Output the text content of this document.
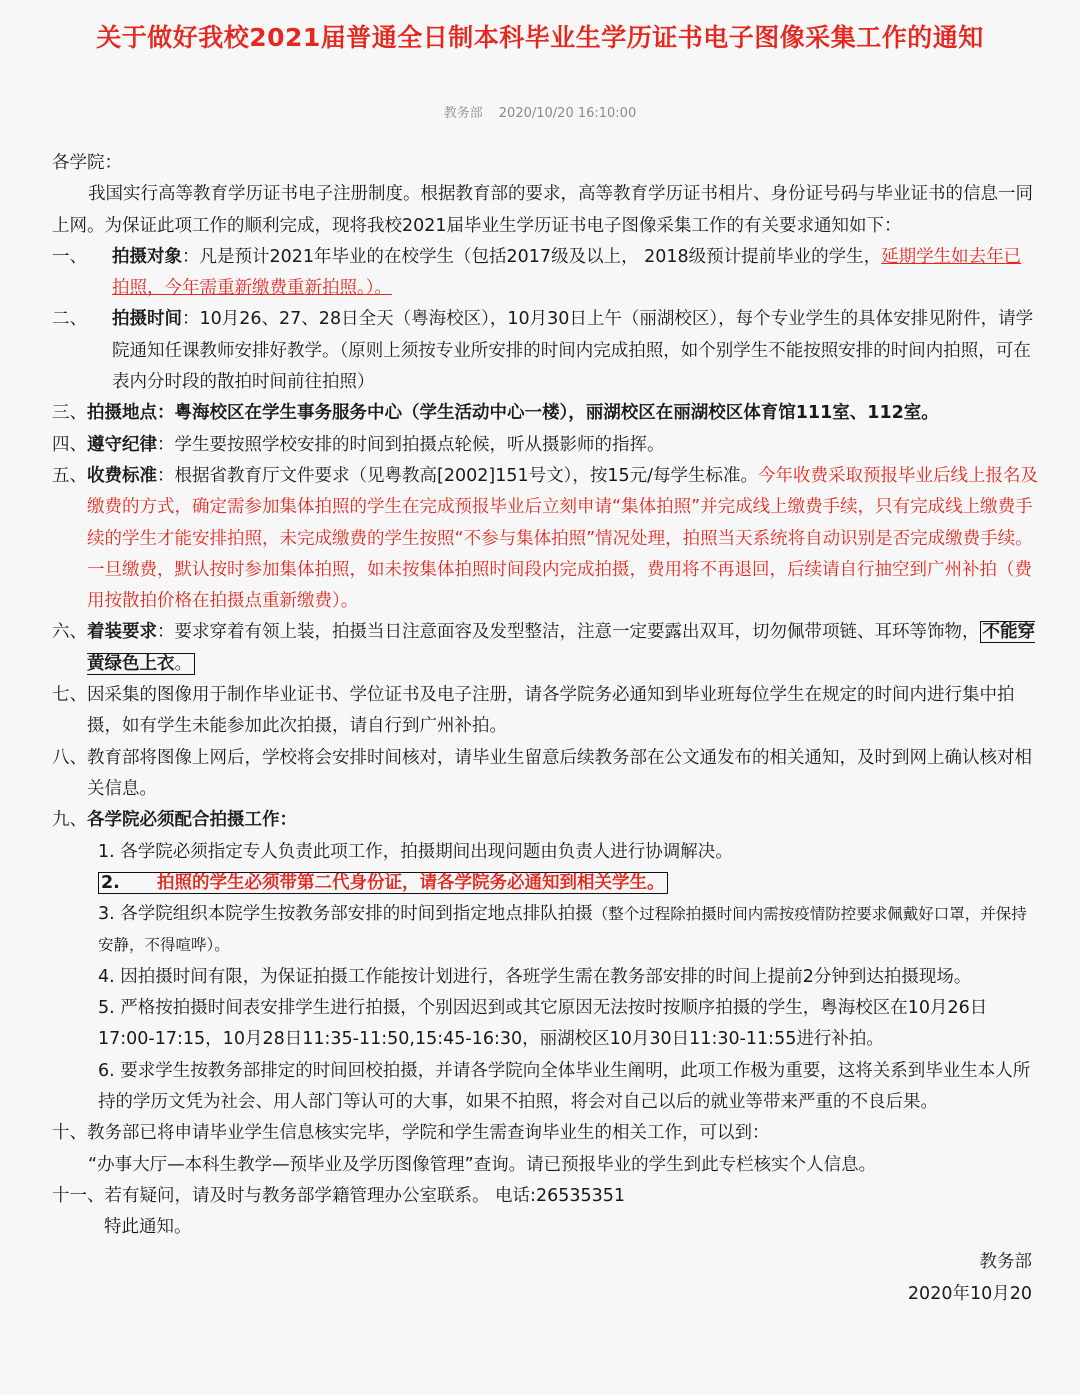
关于做好我校2021届普通全日制本科毕业生学历证书电子图像采集工作的通知
教务部 2020/10/20 16:10:00

各学院：

我国实行高等教育学历证书电子注册制度。根据教育部的要求，高等教育学历证书相片、身份证号码与毕业证书的信息一同上网。为保证此项工作的顺利完成，现将我校2021届毕业生学历证书电子图像采集工作的有关要求通知如下：

一、	拍摄对象：凡是预计2021年毕业的在校学生（包括2017级及以上， 2018级预计提前毕业的学生，延期学生如去年已拍照，今年需重新缴费重新拍照。）。
二、	拍摄时间：10月26、27、28日全天（粤海校区），10月30日上午（丽湖校区），每个专业学生的具体安排见附件，请学院通知任课教师安排好教学。（原则上须按专业所安排的时间内完成拍照，如个别学生不能按照安排的时间内拍照，可在表内分时段的散拍时间前往拍照）
三、 拍摄地点：粤海校区在学生事务服务中心（学生活动中心一楼），丽湖校区在丽湖校区体育馆111室、112室。
四、 遵守纪律：学生要按照学校安排的时间到拍摄点轮候，听从摄影师的指挥。
五、 收费标准：根据省教育厅文件要求（见粤教高[2002]151号文），按15元/每学生标准。今年收费采取预报毕业后线上报名及缴费的方式，确定需参加集体拍照的学生在完成预报毕业后立刻申请“集体拍照”并完成线上缴费手续，只有完成线上缴费手续的学生才能安排拍照，未完成缴费的学生按照“不参与集体拍照”情况处理，拍照当天系统将自动识别是否完成缴费手续。一旦缴费，默认按时参加集体拍照，如未按集体拍照时间段内完成拍摄，费用将不再退回，后续请自行抽空到广州补拍（费用按散拍价格在拍摄点重新缴费）。
六、 着装要求：要求穿着有领上装，拍摄当日注意面容及发型整洁，注意一定要露出双耳，切勿佩带项链、耳环等饰物， 不能穿黄绿色上衣。
七、 因采集的图像用于制作毕业证书、学位证书及电子注册，请各学院务必通知到毕业班每位学生在规定的时间内进行集中拍摄，如有学生未能参加此次拍摄，请自行到广州补拍。
八、 教育部将图像上网后，学校将会安排时间核对，请毕业生留意后续教务部在公文通发布的相关通知，及时到网上确认核对相关信息。
九、 各学院必须配合拍摄工作：

1. 各学院必须指定专人负责此项工作，拍摄期间出现问题由负责人进行协调解决。

2. 拍照的学生必须带第二代身份证，请各学院务必通知到相关学生。

3. 各学院组织本院学生按教务部安排的时间到指定地点排队拍摄（整个过程除拍摄时间内需按疫情防控要求佩戴好口罩，并保持安静，不得喧哗）。

4. 因拍摄时间有限，为保证拍摄工作能按计划进行，各班学生需在教务部安排的时间上提前2分钟到达拍摄现场。

5. 严格按拍摄时间表安排学生进行拍摄，个别因迟到或其它原因无法按时按顺序拍摄的学生，粤海校区在10月26日17:00-17:15，10月28日11:35-11:50,15:45-16:30，丽湖校区10月30日11:30-11:55进行补拍。

6. 要求学生按教务部排定的时间回校拍摄，并请各学院向全体毕业生阐明，此项工作极为重要，这将关系到毕业生本人所持的学历文凭为社会、用人部门等认可的大事，如果不拍照，将会对自己以后的就业等带来严重的不良后果。

十、 教务部已将申请毕业学生信息核实完毕，学院和学生需查询毕业生的相关工作，可以到：

“办事大厅—本科生教学—预毕业及学历图像管理”查询。请已预报毕业的学生到此专栏核实个人信息。

十一、 若有疑问，请及时与教务部学籍管理办公室联系。 电话:26535351

特此通知。

教务部

2020年10月20
